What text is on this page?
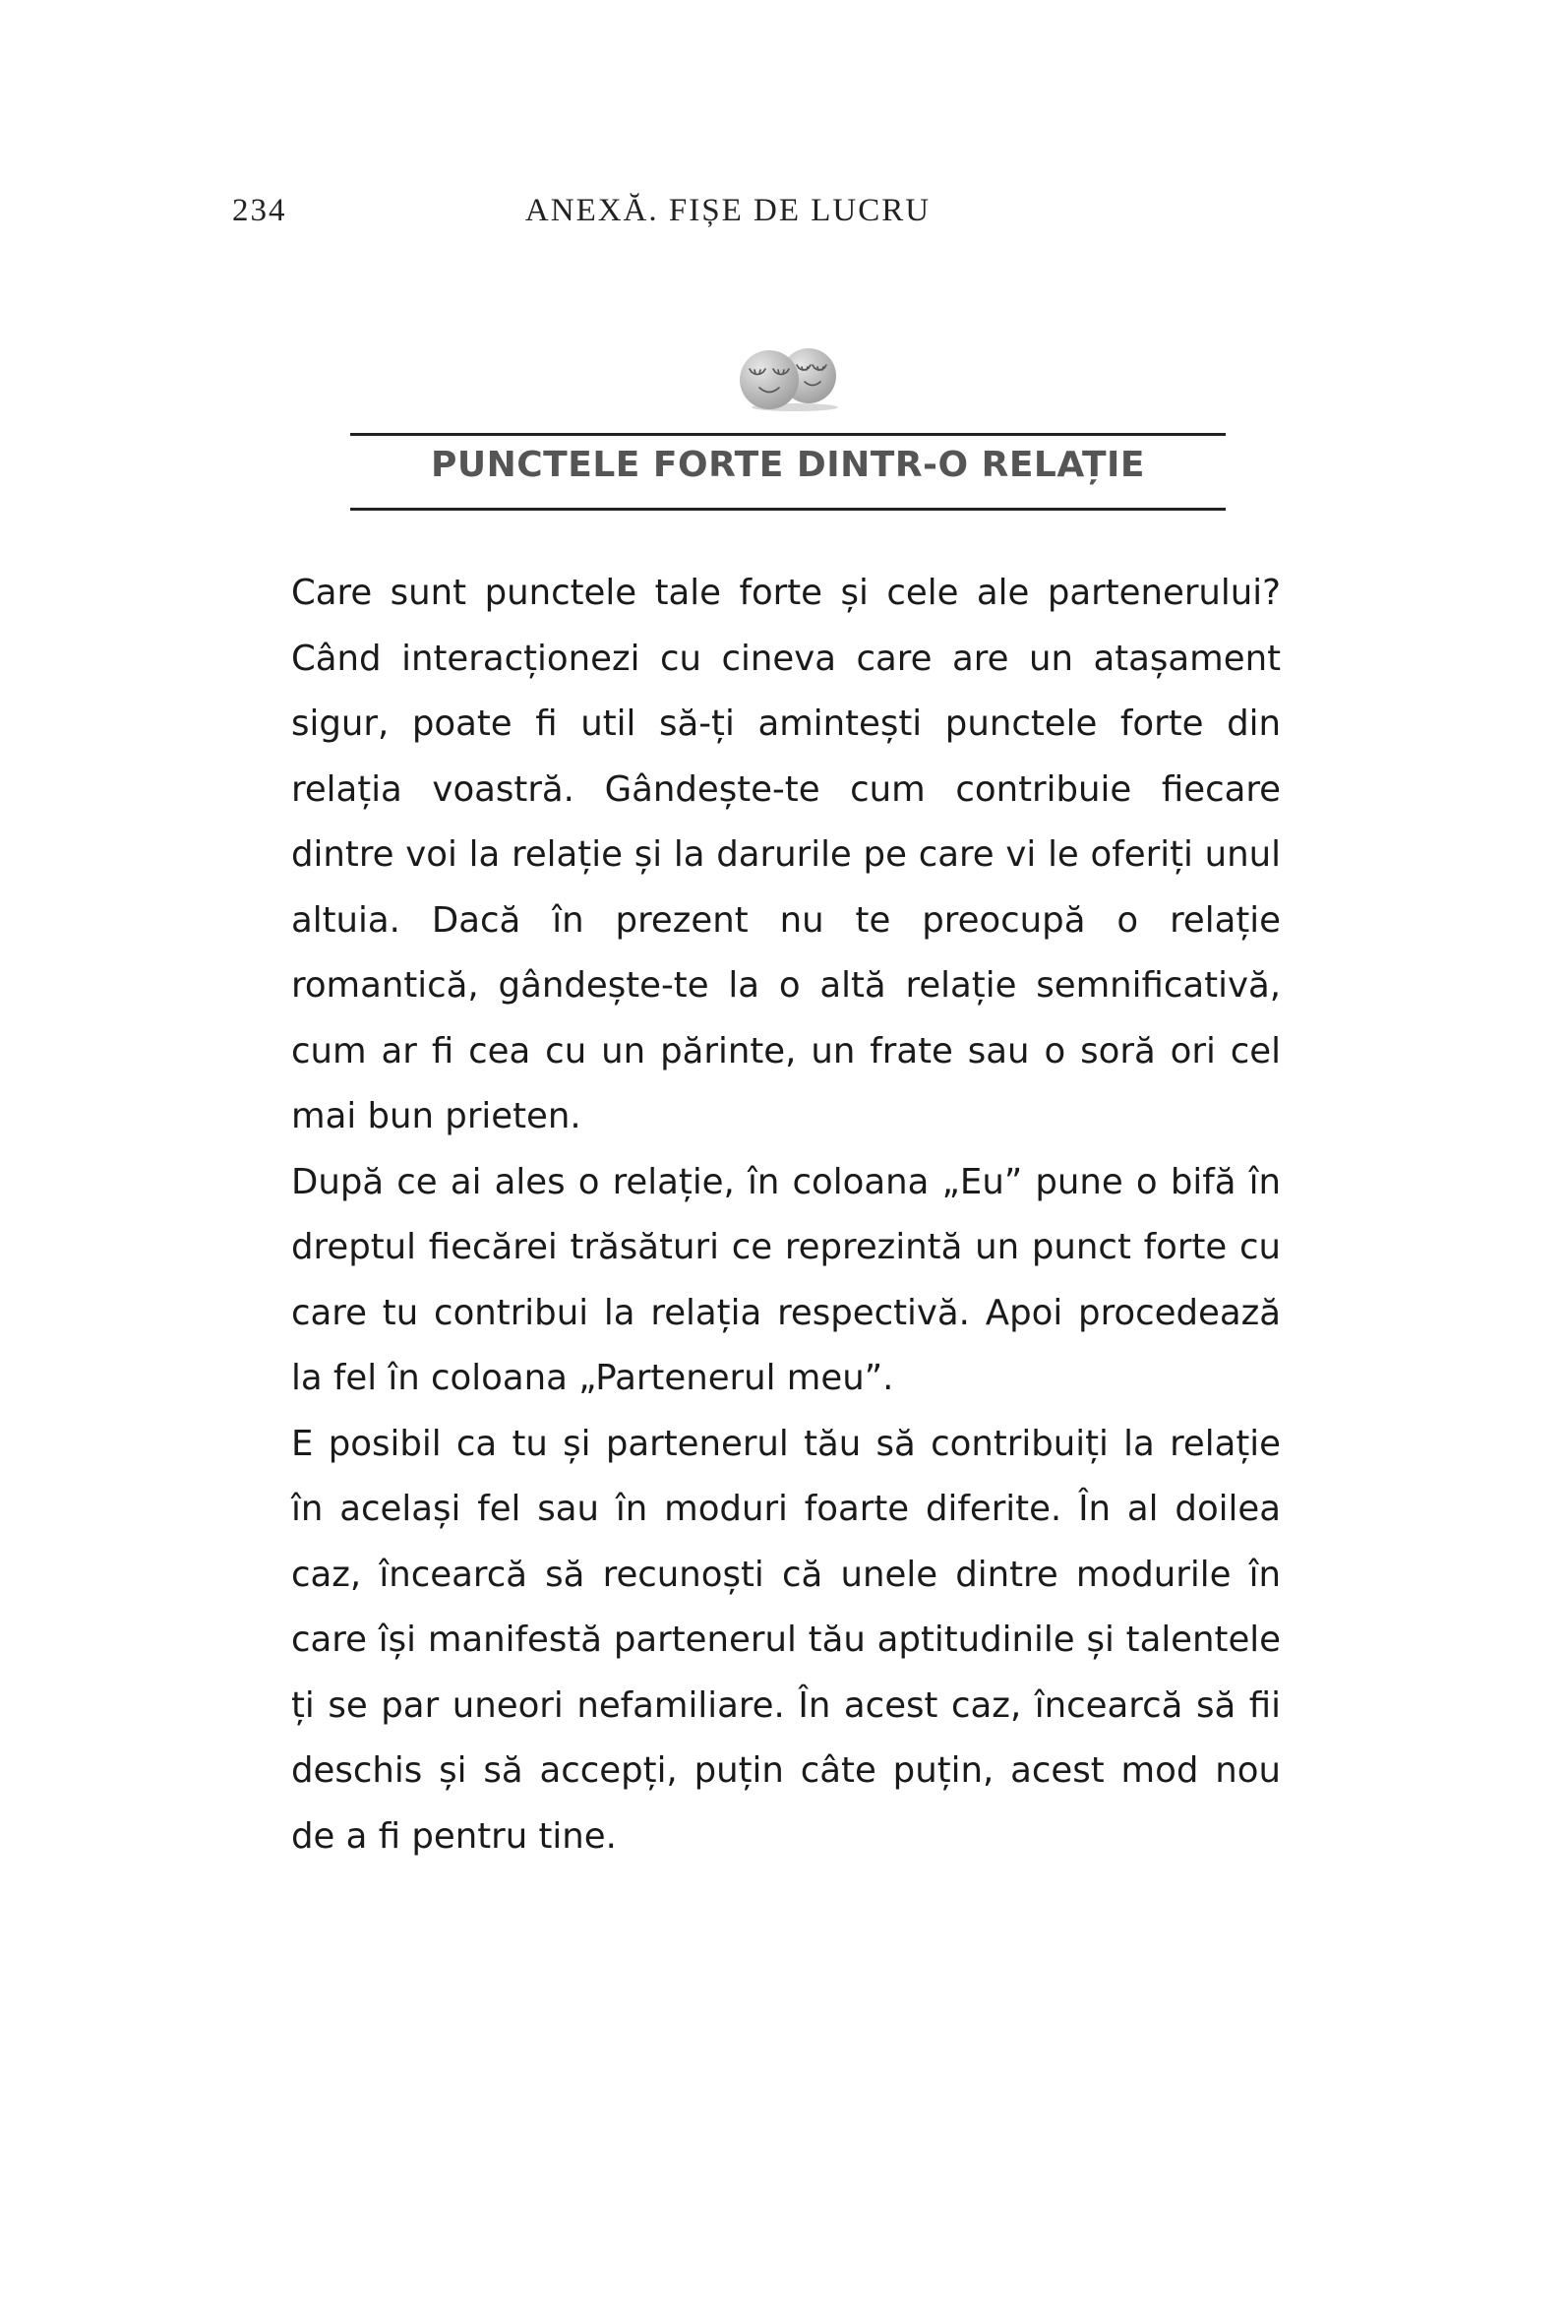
234	ANEXĂ. FIȘE DE LUCRU
PUNCTELE FORTE DINTR-O RELAȚIE

Care sunt punctele tale forte și cele ale partenerului? Când interacționezi cu cineva care are un atașament sigur, poate fi util să-ți amintești punctele forte din relația voastră. Gândește-te cum contribuie fiecare dintre voi la relație și la darurile pe care vi le oferiți unul altuia. Dacă în prezent nu te preocupă o relație romantică, gândește-te la o altă relație semnificativă, cum ar fi cea cu un părinte, un frate sau o soră ori cel mai bun prieten.

După ce ai ales o relație, în coloana „Eu” pune o bifă în dreptul fiecărei trăsături ce reprezintă un punct forte cu care tu contribui la relația respectivă. Apoi procedează la fel în coloana „Partenerul meu”.

E posibil ca tu și partenerul tău să contribuiți la relație în același fel sau în moduri foarte diferite. În al doilea caz, încearcă să recunoști că unele dintre modurile în care își manifestă partenerul tău aptitudinile și talentele ți se par uneori nefamiliare. În acest caz, încearcă să fii deschis și să accepți, puțin câte puțin, acest mod nou de a fi pentru tine.
